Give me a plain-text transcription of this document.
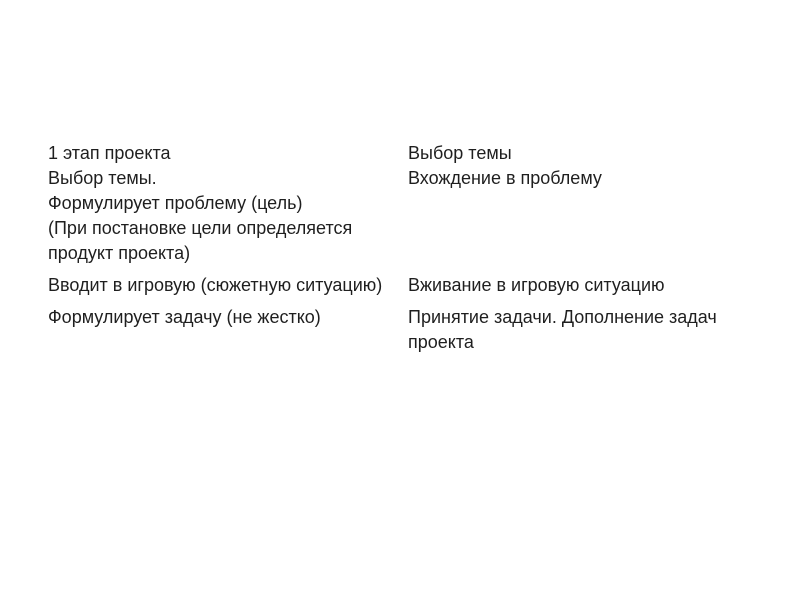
1 этап проекта
Выбор темы.
Формулирует проблему (цель)
(При постановке цели определяется продукт проекта)
Выбор темы
Вхождение в проблему
Вводит в игровую (сюжетную ситуацию)	Вживание в игровую ситуацию
Формулирует задачу (не жестко)	Принятие задачи. Дополнение задач проекта
